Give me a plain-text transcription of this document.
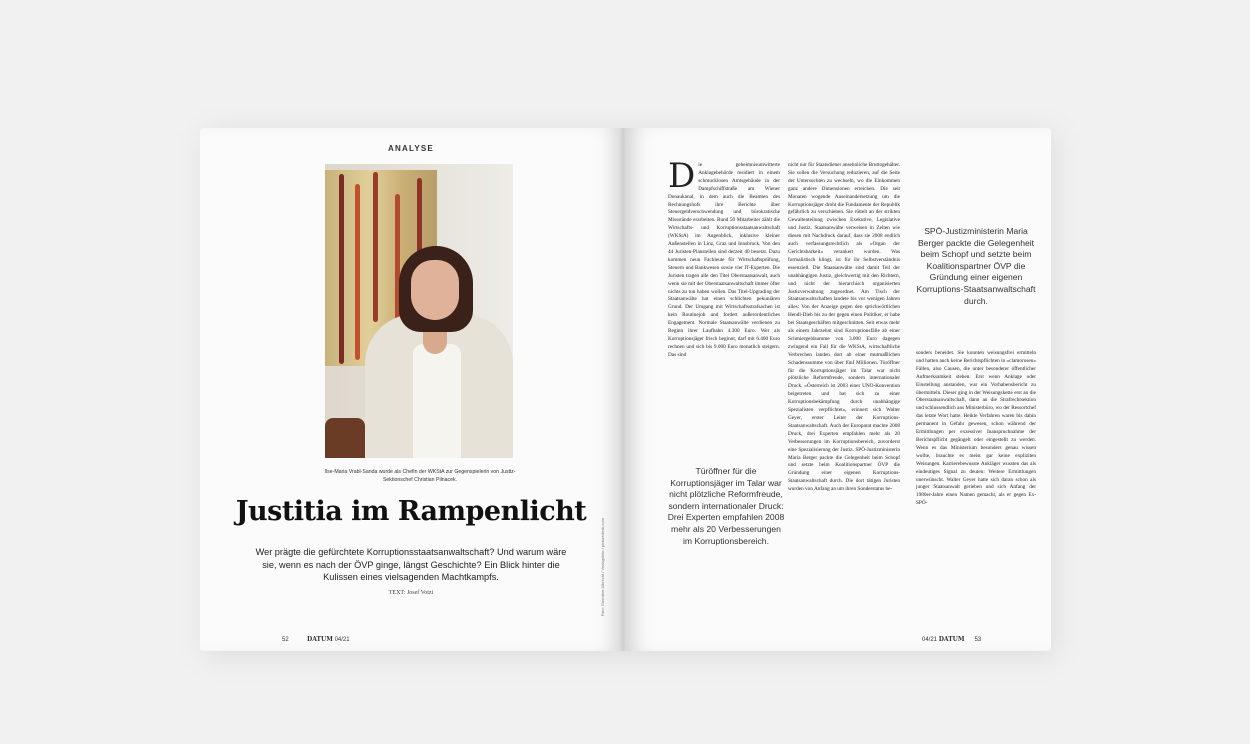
ANALYSE
Ilse-Maria Vrabl-Sanda wurde als Chefin der WKStA zur Gegenspielerin von Justiz-Sektionschef Christian Pilnacek.
Justitia im Rampenlicht
Wer prägte die gefürchtete Korruptionsstaatsanwaltschaft? Und warum wäre sie, wenn es nach der ÖVP ginge, längst Geschichte? Ein Blick hinter die Kulissen eines vielsagenden Machtkampfs.
TEXT: Josef Votzi	Foto: Guenther Albrecht / Verlagsfoto / picturedesk.com
52	DATUM 04/21
Die geheimnisumwitterte Anklagebehörde residiert in einem schmucklosen Amtsgebäude in der Dampfschiffstraße am Wiener Donaukanal, in dem auch die Beamten des Rechnungshofs ihre Berichte über Steuergeldverschwendung und bürokratische Missstände erarbeiten. Rund 50 Mitarbeiter zählt die Wirtschafts- und Korruptionsstaatsanwaltschaft (WKStA) im Augenblick, inklusive kleiner Außenstellen in Linz, Graz und Innsbruck. Von den 44 Juristen-Planstellen sind derzeit 40 besetzt. Dazu kommen neun Fachleute für Wirtschaftsprüfung, Steuern und Bankwesen sowie vier IT-Experten. Die Juristen tragen alle den Titel Oberstaatsanwalt, auch wenn sie mit der Oberstaatsanwaltschaft immer öfter nichts zu tun haben wollen. Das Titel-Upgrading der Staatsanwälte hat einen schlichten pekuniären Grund. Der Umgang mit Wirtschaftsstrafsachen ist kein Routinejob und fordert außerordentliches Engagement. Normale Staatsanwälte verdienen zu Beginn ihrer Laufbahn 4.300 Euro. Wer als Korruptionsjäger frisch beginnt, darf mit 6.400 Euro rechnen und sich bis 9.000 Euro monatlich steigern. Das sind
nicht nur für Staatsdiener ansehnliche Bruttogehälter. Sie sollen die Versuchung reduzieren, auf die Seite der Untersuchten zu wechseln, wo die Einkommen ganz andere Dimensionen erreichen. Die seit Monaten wogende Auseinandersetzung um die Korruptionsjäger droht die Fundamente der Republik gefährlich zu verschieben. Sie rüttelt an der strikten Gewaltenteilung zwischen Exekutive, Legislative und Justiz. Staatsanwälte verweisen in Zeiten wie diesen mit Nachdruck darauf, dass sie 2008 endlich auch verfassungsrechtlich als »Organ der Gerichtsbarkeit« verankert wurden. Was formalistisch klingt, ist für ihr Selbstverständnis essenziell. Die Staatsanwälte sind damit Teil der unabhängigen Justiz, gleichwertig mit den Richtern, und nicht der hierarchisch organisierten Justizverwaltung zugeordnet. Am Tisch der Staatsanwaltschaften landete bis vor wenigen Jahren alles: Von der Anzeige gegen den sprichwörtlichen Hendl-Dieb bis zu der gegen einen Politiker, er habe bei Staatsgeschäften mitgeschnitten. Seit etwas mehr als einem Jahrzehnt sind Korruptionsfälle ab einer Schmiergeldsumme von 3.000 Euro dagegen zwingend ein Fall für die WKStA, wirtschaftliche Verbrechen landen dort ab einer mutmaßlichen Schadenssumme von über fünf Millionen. Türöffner für die Korruptionsjäger im Talar war nicht plötzliche Reformfreude, sondern internationaler Druck. »Österreich ist 2003 einer UNO-Konvention beigetreten und hat sich zu einer Korruptionsbekämpfung durch unabhängige Spezialisten verpflichtet«, erinnert sich Walter Geyer, erster Leiter der Korruptions-Staatsanwaltschaft. Auch der Europarat machte 2008 Druck, drei Experten empfahlen mehr als 20 Verbesserungen im Korruptionsbereich, zuvorderst eine Spezialisierung der Justiz. SPÖ-Justizministerin Maria Berger packte die Gelegenheit beim Schopf und setzte beim Koalitionspartner ÖVP die Gründung einer eigenen Korruptions-Staatsanwaltschaft durch. Die dort tätigen Juristen wurden von Anfang an um ihren Sonderstatus be-
sonders beneidet. Sie konnten weisungsfrei ermitteln und hatten auch keine Berichtspflichten in »clamorosen« Fällen, also Causen, die unter besonderer öffentlicher Aufmerksamkeit stehen. Erst wenn Anklage oder Einstellung anstanden, war ein Vorhabensbericht zu übermitteln. Dieser ging in der Weisungskette erst an die Oberstaatsanwaltschaft, dann an die Strafrechtsektion und schlussendlich ans Ministerbüro, wo der Ressortchef das letzte Wort hatte. Heikle Verfahren waren bis dahin permanent in Gefahr gewesen, schon während der Ermittlungen per exzessiver Inanspruchnahme der Berichtspflicht gegängelt oder eingestellt zu werden. Wenn es das Ministerium besonders genau wissen wollte, brauchte es meist gar keine expliziten Weisungen. Karrierebewusste Ankläger wussten das als eindeutiges Signal zu deuten: Weitere Ermittlungen unerwünscht. Walter Geyer hatte sich daran schon als junger Staatsanwalt gerieben und sich Anfang der 1980er-Jahre einen Namen gemacht, als er gegen Ex-SPÖ-
SPÖ-Justizministerin Maria Berger packte die Gelegenheit beim Schopf und setzte beim Koalitionspartner ÖVP die Gründung einer eigenen Korruptions-Staatsanwaltschaft durch.
04/21 DATUM 53
Türöffner für die Korruptionsjäger im Talar war nicht plötzliche Reformfreude, sondern internationaler Druck: Drei Experten empfahlen 2008 mehr als 20 Verbesserungen im Korruptionsbereich.
